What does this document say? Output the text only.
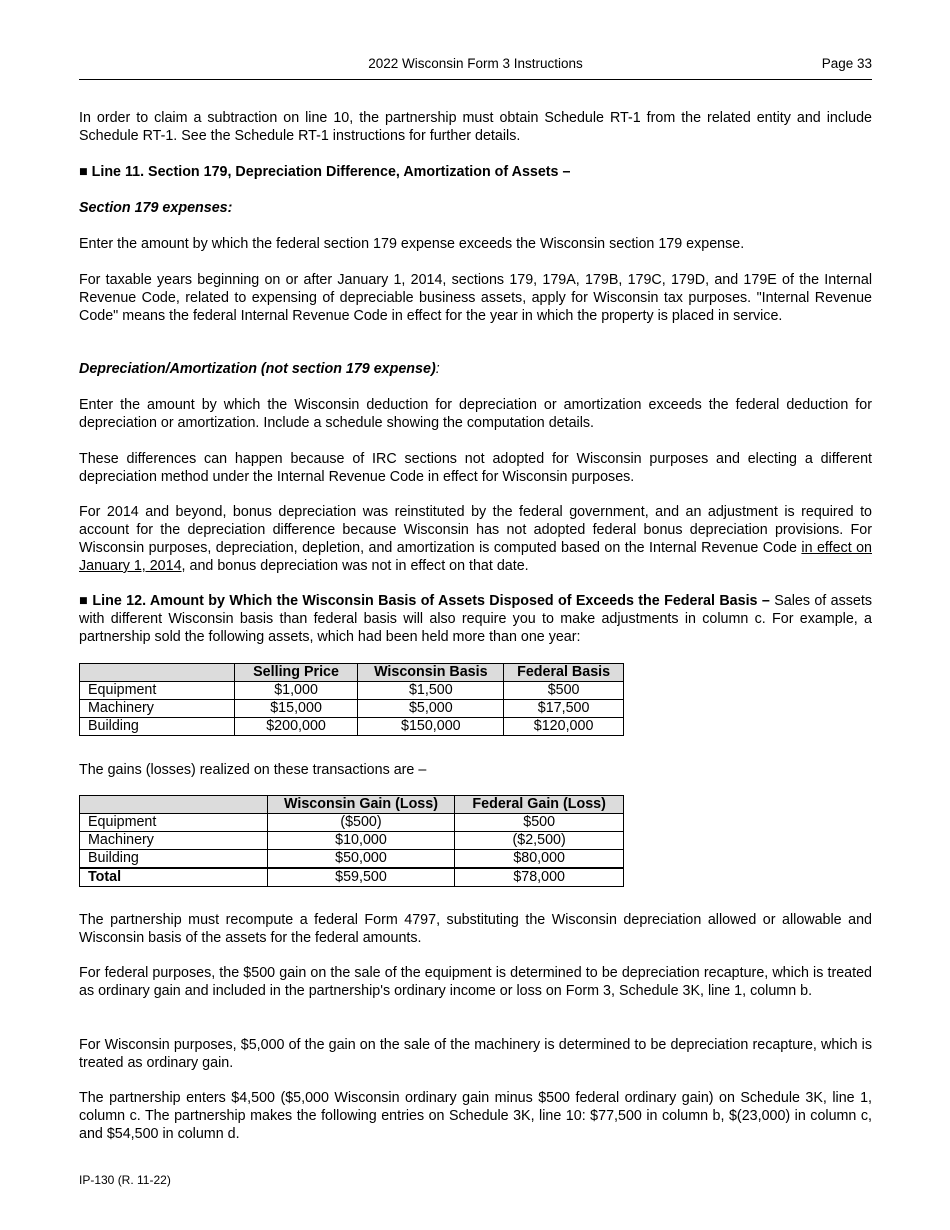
2022 Wisconsin Form 3 Instructions	Page 33

In order to claim a subtraction on line 10, the partnership must obtain Schedule RT-1 from the related entity and include Schedule RT-1. See the Schedule RT-1 instructions for further details.

■ Line 11. Section 179, Depreciation Difference, Amortization of Assets –
Section 179 expenses:

Enter the amount by which the federal section 179 expense exceeds the Wisconsin section 179 expense.

For taxable years beginning on or after January 1, 2014, sections 179, 179A, 179B, 179C, 179D, and 179E of the Internal Revenue Code, related to expensing of depreciable business assets, apply for Wisconsin tax purposes. "Internal Revenue Code" means the federal Internal Revenue Code in effect for the year in which the property is placed in service.

Depreciation/Amortization (not section 179 expense):

Enter the amount by which the Wisconsin deduction for depreciation or amortization exceeds the federal deduction for depreciation or amortization. Include a schedule showing the computation details.

These differences can happen because of IRC sections not adopted for Wisconsin purposes and electing a different depreciation method under the Internal Revenue Code in effect for Wisconsin purposes.

For 2014 and beyond, bonus depreciation was reinstituted by the federal government, and an adjustment is required to account for the depreciation difference because Wisconsin has not adopted federal bonus depreciation provisions. For Wisconsin purposes, depreciation, depletion, and amortization is computed based on the Internal Revenue Code in effect on January 1, 2014, and bonus depreciation was not in effect on that date.

■ Line 12. Amount by Which the Wisconsin Basis of Assets Disposed of Exceeds the Federal Basis – Sales of assets with different Wisconsin basis than federal basis will also require you to make adjustments in column c. For example, a partnership sold the following assets, which had been held more than one year:

	Selling Price	Wisconsin Basis	Federal Basis
Equipment	$1,000	$1,500	$500
Machinery	$15,000	$5,000	$17,500
Building	$200,000	$150,000	$120,000
The gains (losses) realized on these transactions are –
	Wisconsin Gain (Loss)	Federal Gain (Loss)
Equipment	($500)	$500
Machinery	$10,000	($2,500)
Building	$50,000	$80,000
Total	$59,500	$78,000

The partnership must recompute a federal Form 4797, substituting the Wisconsin depreciation allowed or allowable and Wisconsin basis of the assets for the federal amounts.

For federal purposes, the $500 gain on the sale of the equipment is determined to be depreciation recapture, which is treated as ordinary gain and included in the partnership's ordinary income or loss on Form 3, Schedule 3K, line 1, column b.

For Wisconsin purposes, $5,000 of the gain on the sale of the machinery is determined to be depreciation recapture, which is treated as ordinary gain.

The partnership enters $4,500 ($5,000 Wisconsin ordinary gain minus $500 federal ordinary gain) on Schedule 3K, line 1, column c. The partnership makes the following entries on Schedule 3K, line 10: $77,500 in column b, $(23,000) in column c, and $54,500 in column d.

IP-130 (R. 11-22)
